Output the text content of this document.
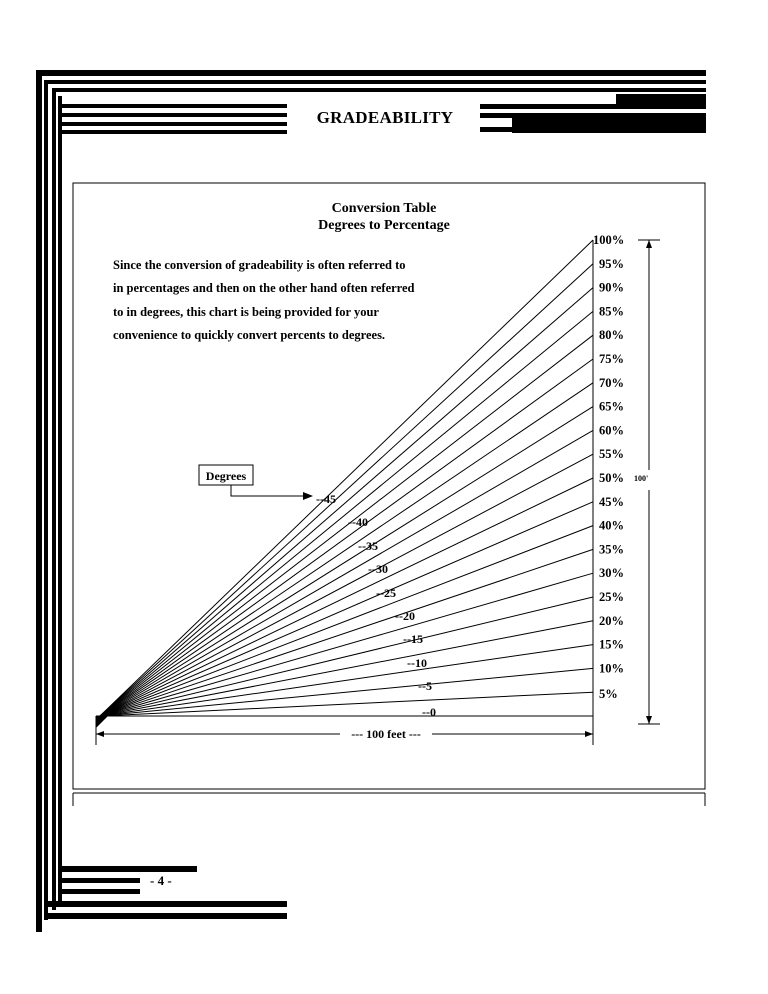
GRADEABILITY
- 4 -
Conversion Table
Degrees to Percentage
Since the conversion of gradeability is often referred to
in percentages and then on the other hand often referred
to in degrees, this chart is being provided for your
convenience to quickly convert percents to degrees.
--- 100 feet ---
100'
Degrees
5%
10%
15%
20%
25%
30%
35%
40%
45%
50%
55%
60%
65%
70%
75%
80%
85%
90%
95%
100%
--0
--5
--10
--15
--20
--25
--30
--35
--40
--45
